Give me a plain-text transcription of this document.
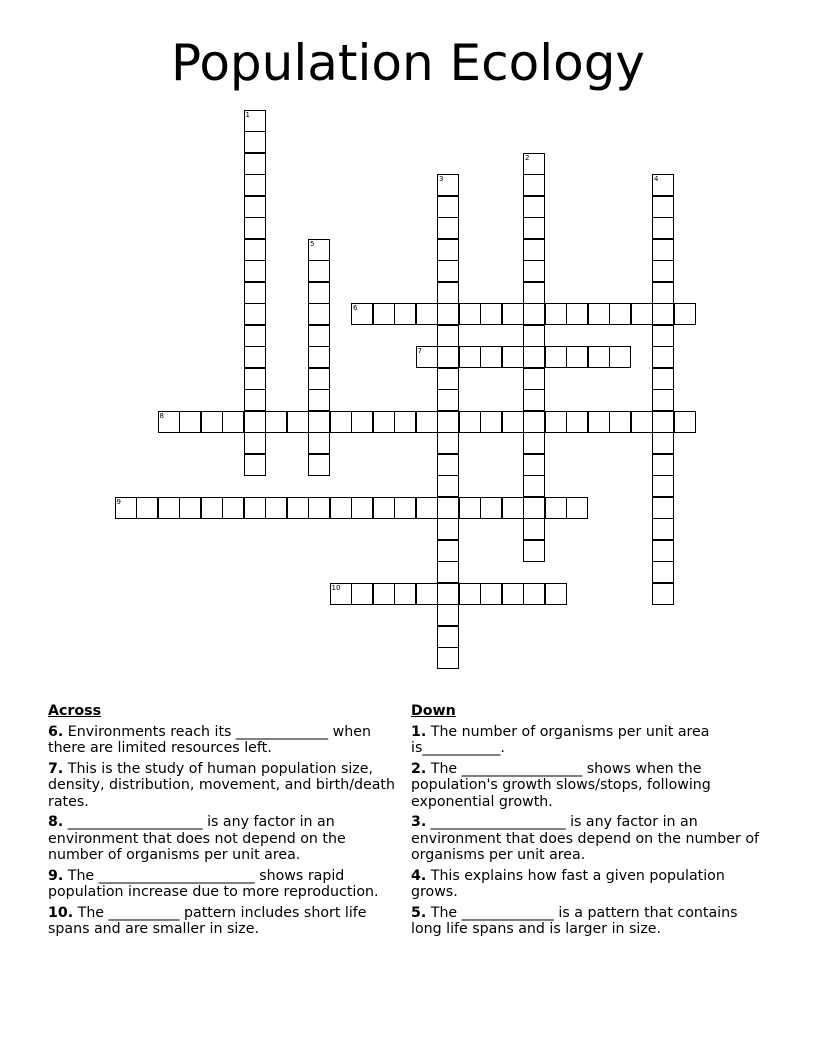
Population Ecology
1
2
3	4
5
6
7
8
9
10
Across
6. Environments reach its _____________ when there are limited resources left.
7. This is the study of human population size, density, distribution, movement, and birth/death rates.
8. ___________________ is any factor in an environment that does not depend on the number of organisms per unit area.
9. The ______________________ shows rapid population increase due to more reproduction.
10. The __________ pattern includes short life spans and are smaller in size.
Down
1. The number of organisms per unit area is___________.
2. The _________________ shows when the population's growth slows/stops, following exponential growth.
3. ___________________ is any factor in an environment that does depend on the number of organisms per unit area.
4. This explains how fast a given population grows.
5. The _____________ is a pattern that contains long life spans and is larger in size.
